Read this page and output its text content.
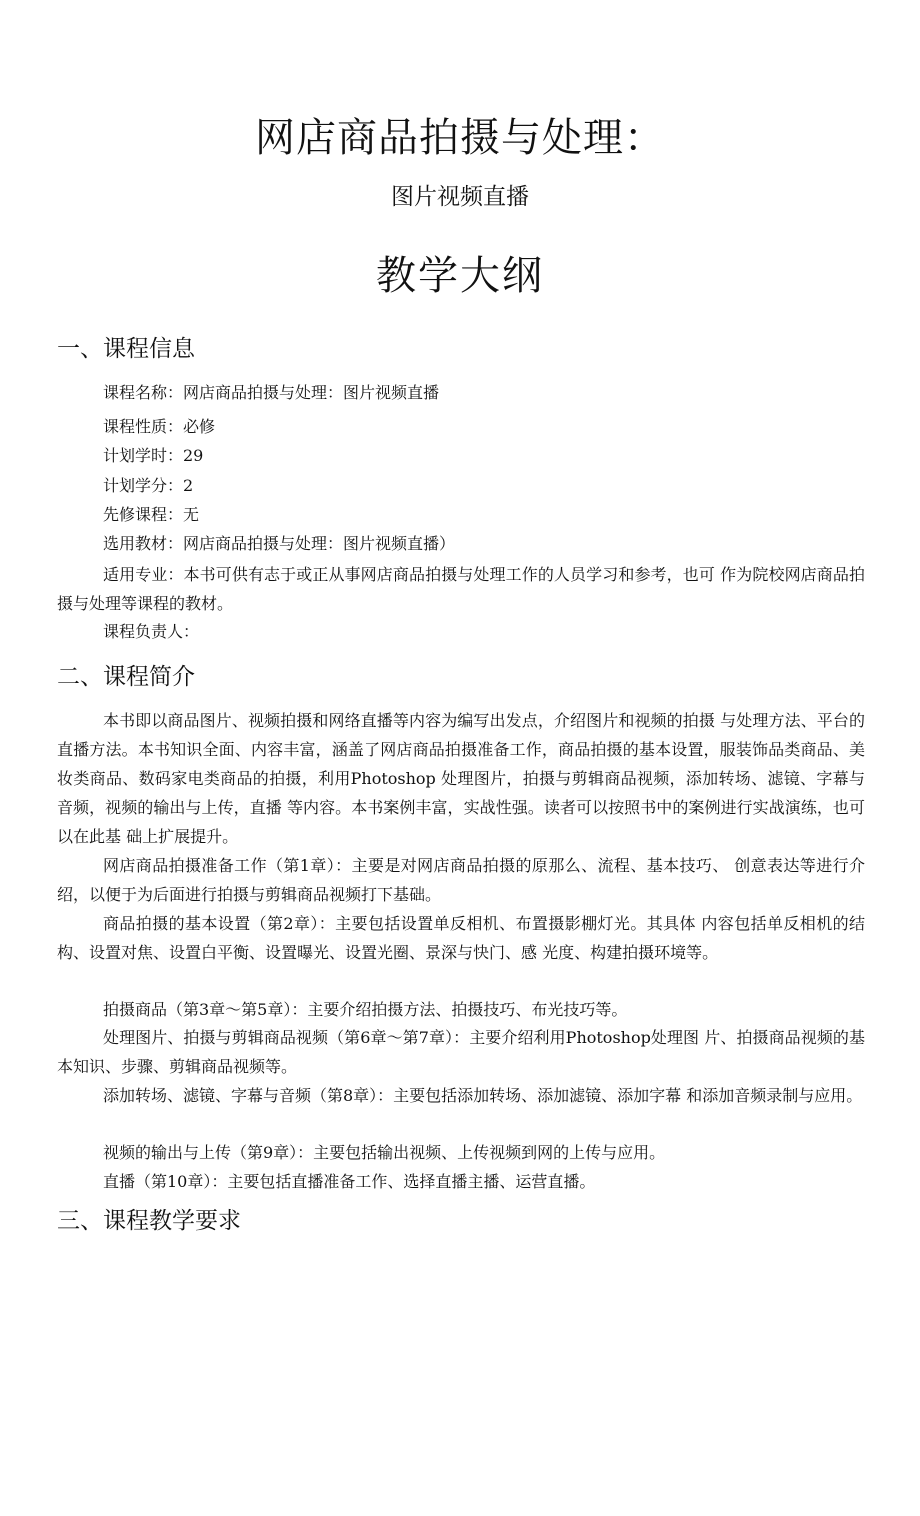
网店商品拍摄与处理：
图片视频直播
教学大纲
一、课程信息

课程名称：网店商品拍摄与处理：图片视频直播

课程性质：必修

计划学时：29

计划学分：2

先修课程：无

选用教材：网店商品拍摄与处理：图片视频直播）

适用专业：本书可供有志于或正从事网店商品拍摄与处理工作的人员学习和参考，也可 作为院校网店商品拍摄与处理等课程的教材。

课程负责人：

二、课程简介

本书即以商品图片、视频拍摄和网络直播等内容为编写出发点，介绍图片和视频的拍摄 与处理方法、平台的直播方法。本书知识全面、内容丰富，涵盖了网店商品拍摄准备工作，商品拍摄的基本设置，服装饰品类商品、美妆类商品、数码家电类商品的拍摄，利用Photoshop 处理图片，拍摄与剪辑商品视频，添加转场、滤镜、字幕与音频，视频的输出与上传，直播 等内容。本书案例丰富，实战性强。读者可以按照书中的案例进行实战演练，也可以在此基 础上扩展提升。

网店商品拍摄准备工作（第1章）：主要是对网店商品拍摄的原那么、流程、基本技巧、 创意表达等进行介绍，以便于为后面进行拍摄与剪辑商品视频打下基础。

商品拍摄的基本设置（第2章）：主要包括设置单反相机、布置摄影棚灯光。其具体 内容包括单反相机的结构、设置对焦、设置白平衡、设置曝光、设置光圈、景深与快门、感 光度、构建拍摄环境等。

拍摄商品（第3章〜第5章）：主要介绍拍摄方法、拍摄技巧、布光技巧等。

处理图片、拍摄与剪辑商品视频（第6章〜第7章）：主要介绍利用Photoshop处理图 片、拍摄商品视频的基本知识、步骤、剪辑商品视频等。

添加转场、滤镜、字幕与音频（第8章）：主要包括添加转场、添加滤镜、添加字幕 和添加音频录制与应用。

视频的输出与上传（第9章）：主要包括输出视频、上传视频到网的上传与应用。

直播（第10章）：主要包括直播准备工作、选择直播主播、运营直播。

三、课程教学要求
